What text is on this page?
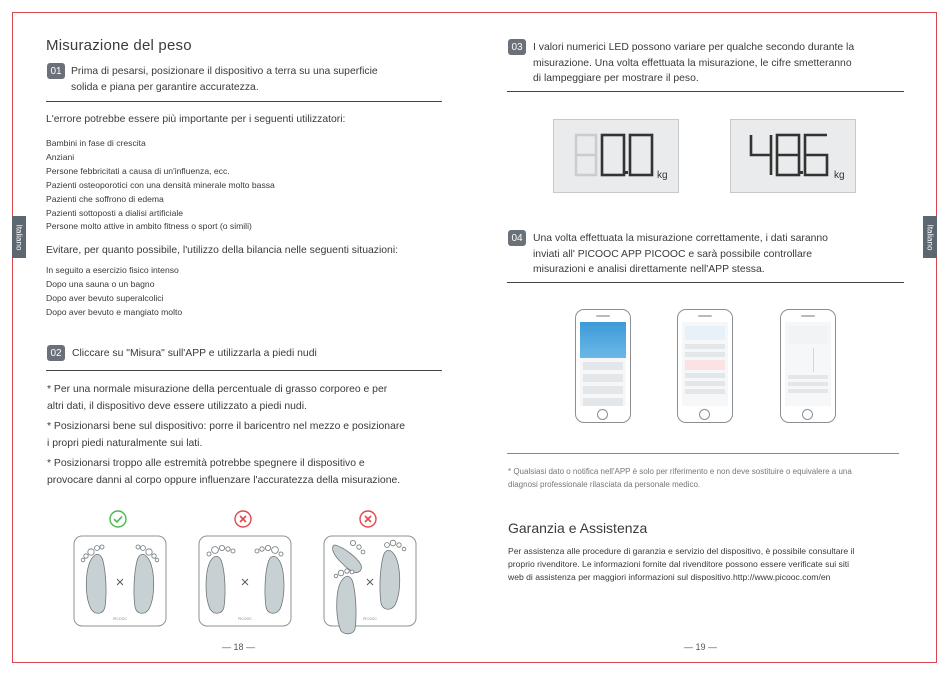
Italiano	Italiano
Misurazione del peso
01 Prima di pesarsi, posizionare il dispositivo a terra su una superficie
solida e piana per garantire accuratezza.
L'errore potrebbe essere più importante per i seguenti utilizzatori:
Bambini in fase di crescita
Anziani
Persone febbricitati a causa di un'influenza, ecc.
Pazienti osteoporotici con una densità minerale molto bassa
Pazienti che soffrono di edema
Pazienti sottoposti a dialisi artificiale
Persone molto attive in ambito fitness o sport (o simili)
Evitare, per quanto possibile, l'utilizzo della bilancia nelle seguenti situazioni:
In seguito a esercizio fisico intenso
Dopo una sauna o un bagno
Dopo aver bevuto superalcolici
Dopo aver bevuto e mangiato molto
02	Cliccare su "Misura" sull'APP e utilizzarla a piedi nudi
* Per una normale misurazione della percentuale di grasso corporeo e per
altri dati, il dispositivo deve essere utilizzato a piedi nudi.
* Posizionarsi bene sul dispositivo: porre il baricentro nel mezzo e posizionare
i propri piedi naturalmente sui lati.
* Posizionarsi troppo alle estremità potrebbe spegnere il dispositivo e
provocare danni al corpo oppure influenzare l'accuratezza della misurazione.
PICOOC	PICOOC	PICOOC
— 18 —
03	I valori numerici LED possono variare per qualche secondo durante la
misurazione. Una volta effettuata la misurazione, le cifre smetteranno
di lampeggiare per mostrare il peso.
kg	kg
04	Una volta effettuata la misurazione correttamente, i dati saranno
inviati all' PICOOC APP PICOOC e sarà possibile controllare
misurazioni e analisi direttamente nell'APP stessa.
* Qualsiasi dato o notifica nell'APP è solo per riferimento e non deve sostituire o equivalere a una
diagnosi professionale rilasciata da personale medico.
Garanzia e Assistenza
Per assistenza alle procedure di garanzia e servizio del dispositivo, è possibile consultare il
proprio rivenditore. Le informazioni fornite dal rivenditore possono essere verificate sui siti
web di assistenza per maggiori informazioni sul dispositivo.http://www.picooc.com/en
— 19 —
